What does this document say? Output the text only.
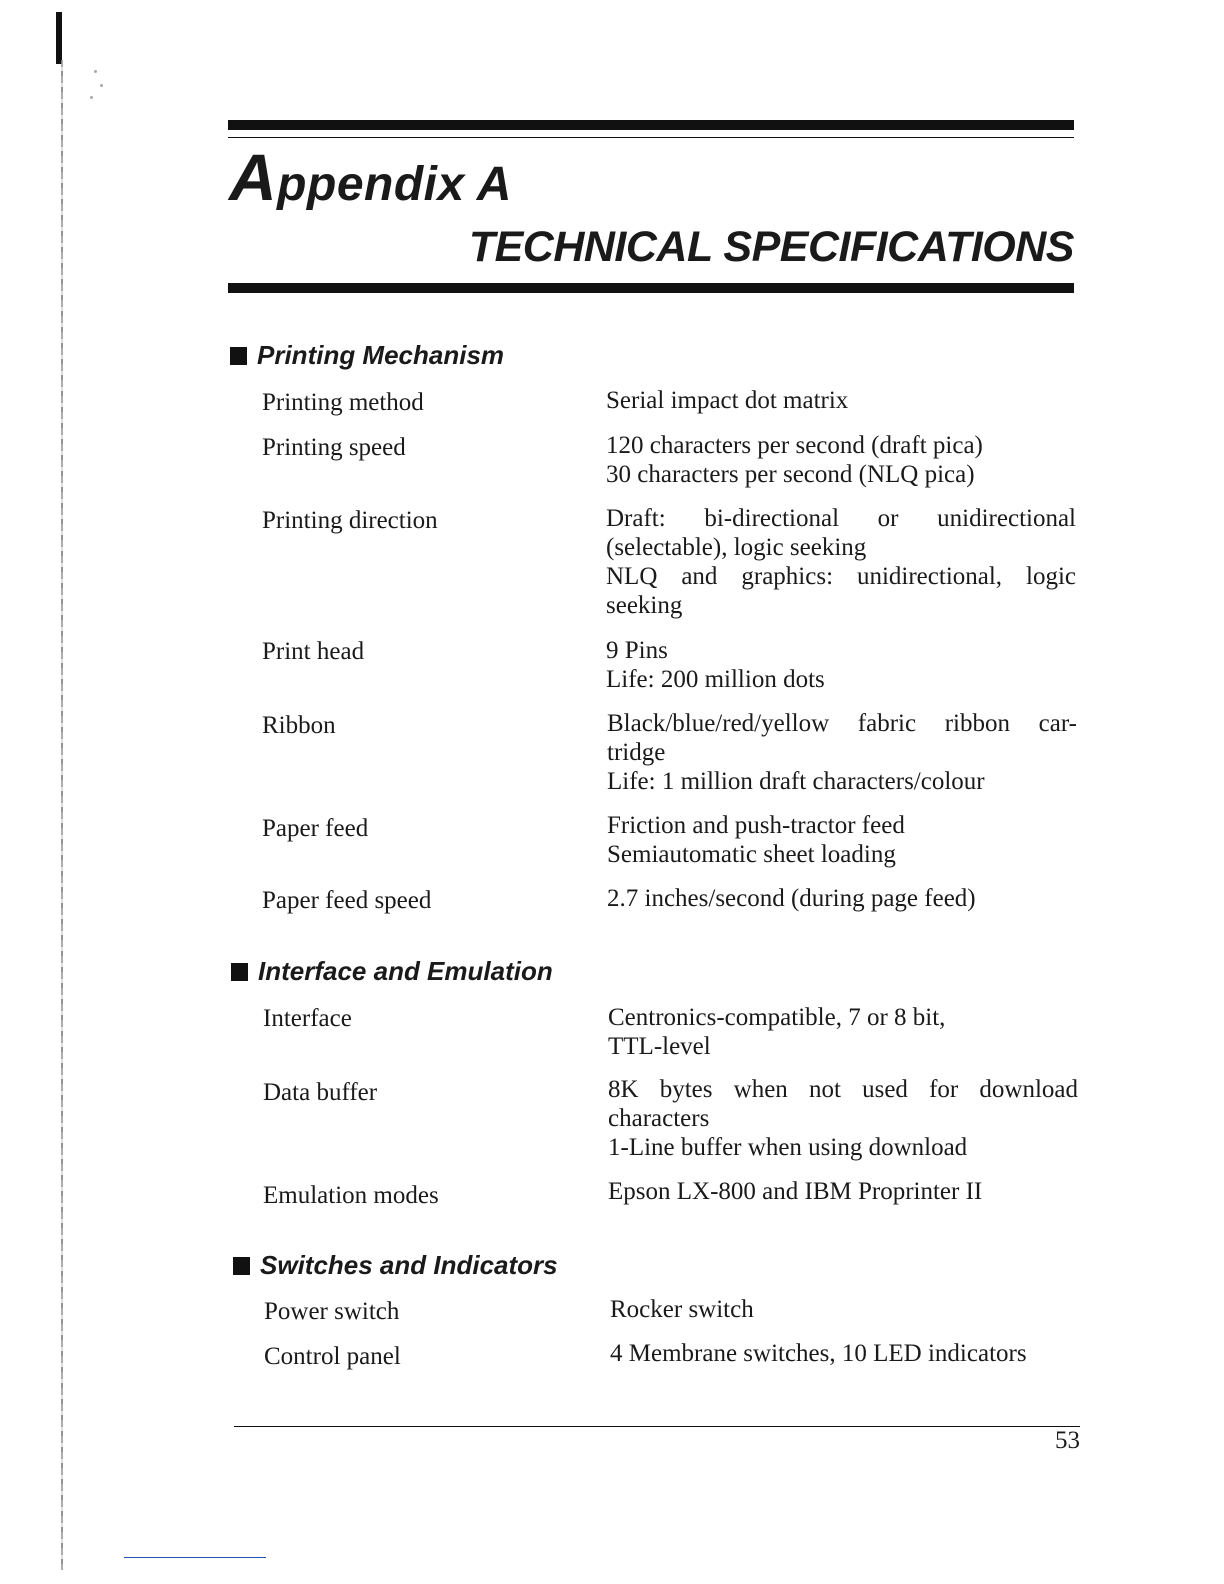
Appendix A
TECHNICAL SPECIFICATIONS
Printing Mechanism
Printing method	Serial impact dot matrix
Printing speed	120 characters per second (draft pica)
30 characters per second (NLQ pica)
Printing direction	Draft: bi-directional or unidirectional
(selectable), logic seeking
NLQ and graphics: unidirectional, logic
seeking
Print head	9 Pins
Life: 200 million dots
Ribbon	Black/blue/red/yellow fabric ribbon car-
tridge
Life: 1 million draft characters/colour
Paper feed	Friction and push-tractor feed
Semiautomatic sheet loading
Paper feed speed	2.7 inches/second (during page feed)
Interface and Emulation
Interface	Centronics-compatible, 7 or 8 bit,
TTL-level
Data buffer	8K bytes when not used for download
characters
1-Line buffer when using download
Emulation modes	Epson LX-800 and IBM Proprinter II
Switches and Indicators
Power switch	Rocker switch
Control panel	4 Membrane switches, 10 LED indicators
53
